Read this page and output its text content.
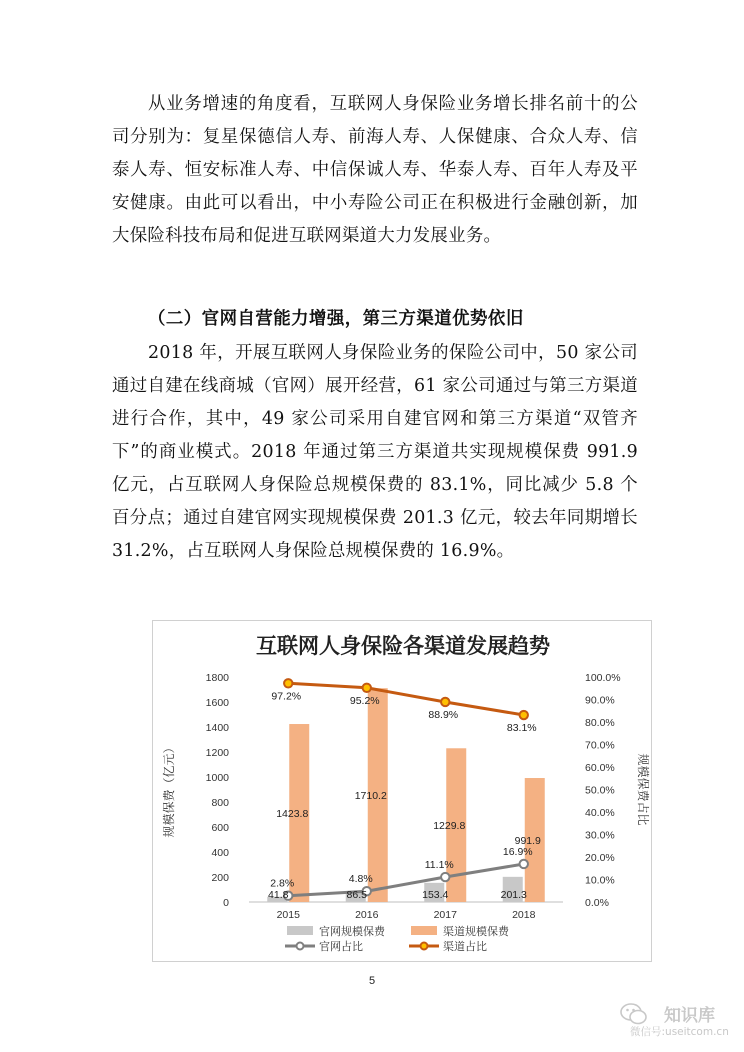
从业务增速的角度看，互联网人身保险业务增长排名前十的公司分别为：复星保德信人寿、前海人寿、人保健康、合众人寿、信泰人寿、恒安标准人寿、中信保诚人寿、华泰人寿、百年人寿及平安健康。由此可以看出，中小寿险公司正在积极进行金融创新，加大保险科技布局和促进互联网渠道大力发展业务。
（二）官网自营能力增强，第三方渠道优势依旧
2018 年，开展互联网人身保险业务的保险公司中，50 家公司通过自建在线商城（官网）展开经营，61 家公司通过与第三方渠道进行合作，其中，49 家公司采用自建官网和第三方渠道“双管齐下”的商业模式。2018 年通过第三方渠道共实现规模保费 991.9 亿元，占互联网人身保险总规模保费的 83.1%，同比减少 5.8 个百分点；通过自建官网实现规模保费 201.3 亿元，较去年同期增长 31.2%，占互联网人身保险总规模保费的 16.9%。
互联网人身保险各渠道发展趋势
0
200
400
600
800
1000
1200
1400
1600
1800
0.0%
10.0%
20.0%
30.0%
40.0%
50.0%
60.0%
70.0%
80.0%
90.0%
100.0%
规模保费（亿元）	规模保费占比
2015	2016	2017	2018
1423.8
1710.2
1229.8
991.9
97.2%	95.2%
88.9%
83.1%
2.8%	4.8%
11.1%
16.9%
41.8	86.5	153.4	201.3
官网规模保费	渠道规模保费
官网占比	渠道占比
5
知识库
微信号:useitcom.cn
